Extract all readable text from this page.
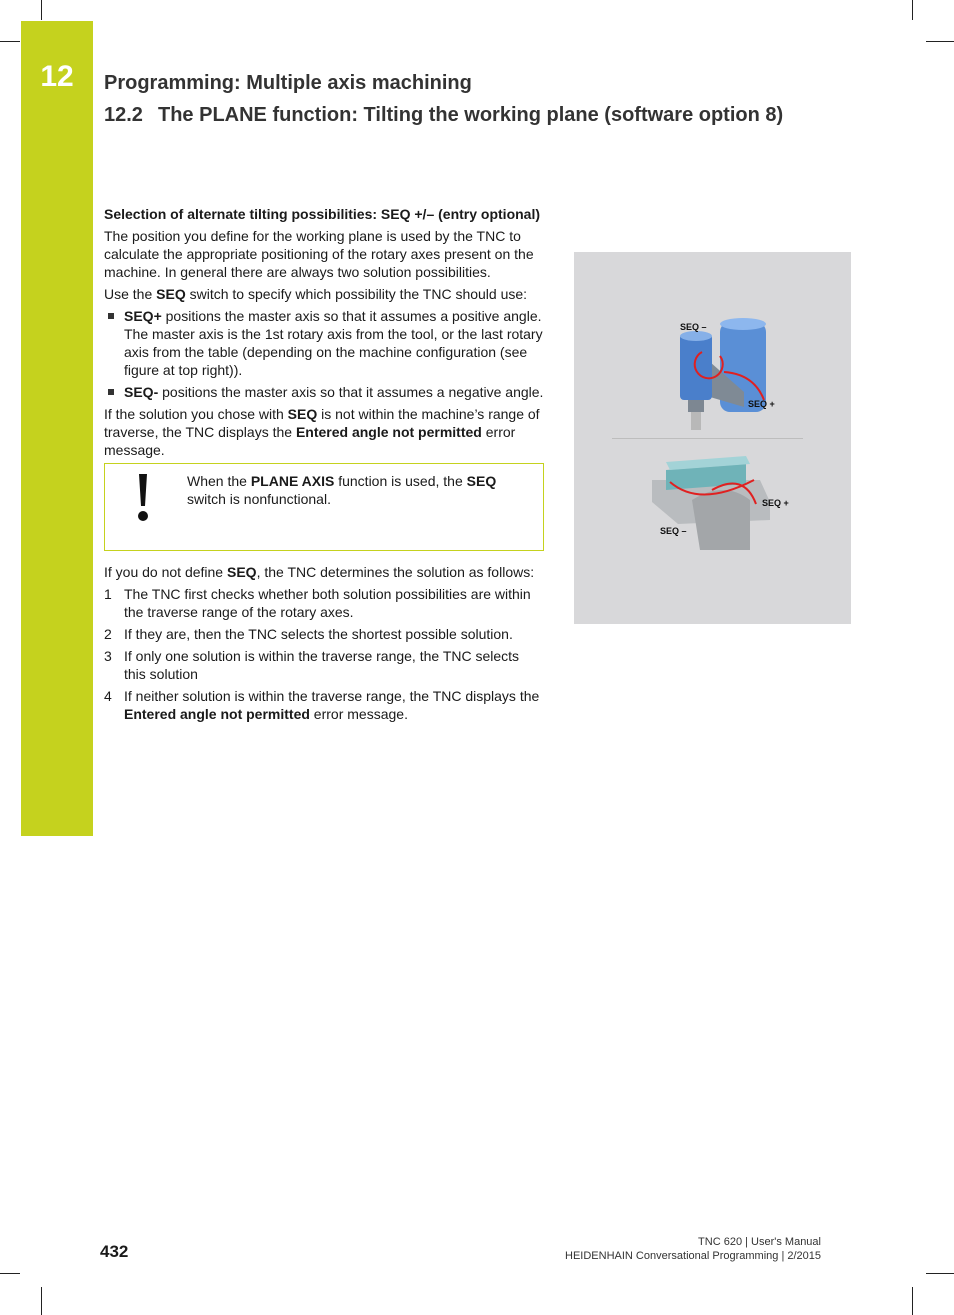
12	Programming: Multiple axis machining
12.2 The PLANE function: Tilting the working plane (software option 8)
Selection of alternate tilting possibilities: SEQ +/– (entry optional)

The position you define for the working plane is used by the TNC to calculate the appropriate positioning of the rotary axes present on the machine. In general there are always two solution possibilities.

Use the SEQ switch to specify which possibility the TNC should use:

SEQ+ positions the master axis so that it assumes a positive angle. The master axis is the 1st rotary axis from the tool, or the last rotary axis from the table (depending on the machine configuration (see figure at top right)).
SEQ- positions the master axis so that it assumes a negative angle.

If the solution you chose with SEQ is not within the machine’s range of traverse, the TNC displays the Entered angle not permitted error message.

When the PLANE AXIS function is used, the SEQ switch is nonfunctional.

If you do not define SEQ, the TNC determines the solution as follows:

1 The TNC first checks whether both solution possibilities are within the traverse range of the rotary axes.
2 If they are, then the TNC selects the shortest possible solution.
3 If only one solution is within the traverse range, the TNC selects this solution
4 If neither solution is within the traverse range, the TNC displays the Entered angle not permitted error message.
SEQ –
SEQ +
SEQ +
SEQ –
432	TNC 620 | User's Manual
HEIDENHAIN Conversational Programming | 2/2015
